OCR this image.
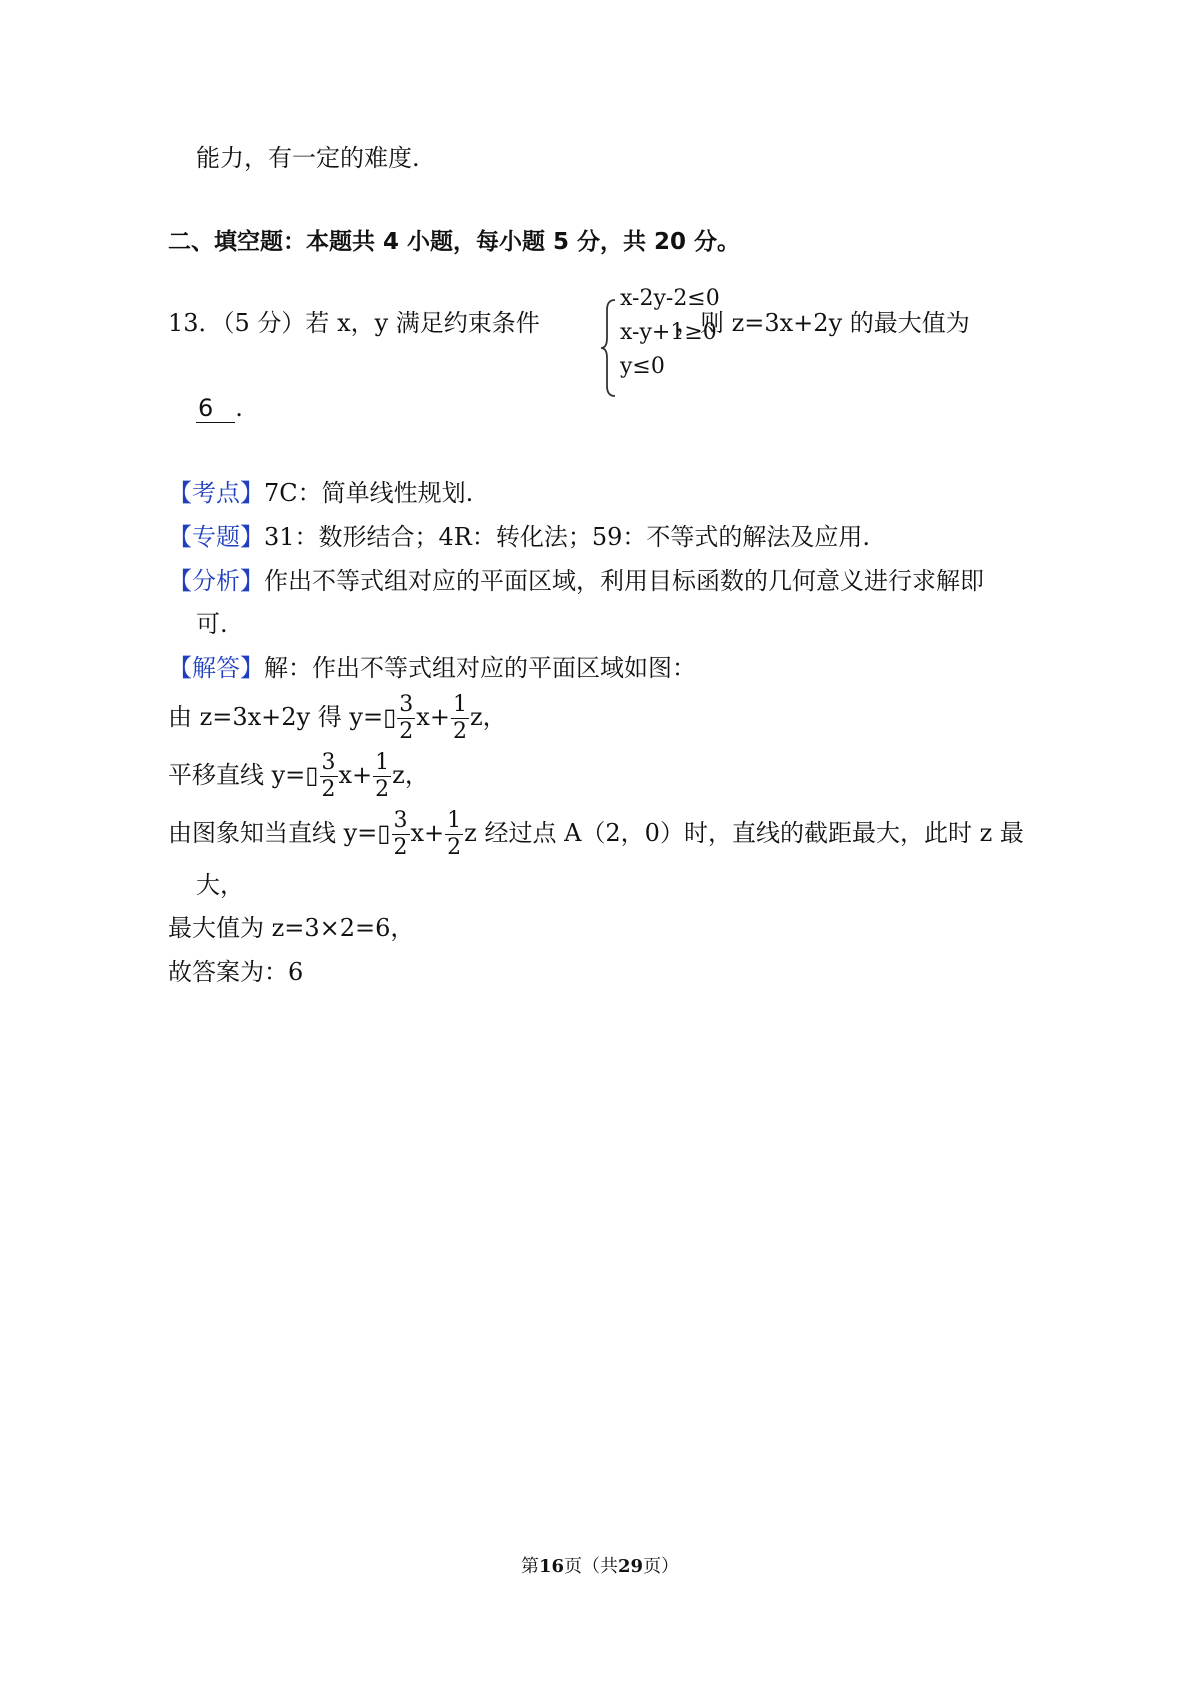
能力，有一定的难度.
二、填空题：本题共 4 小题，每小题 5 分，共 20 分。
13．（5 分）若 x，y 满足约束条件
x-2y-2≤0
x-y+1≥0
y≤0
，则 z=3x+2y 的最大值为
6 .
【考点】7C：简单线性规划.
【专题】31：数形结合；4R：转化法；59：不等式的解法及应用.
【分析】作出不等式组对应的平面区域，利用目标函数的几何意义进行求解即
可.
【解答】解：作出不等式组对应的平面区域如图：
由 z=3x+2y 得 y=▯ $\frac{3}{2} x+ \frac{1}{2}$ z，
平移直线 y=▯ $\frac{3}{2} x+ \frac{1}{2}$ z，
由图象知当直线 y=▯ $\frac{3}{2} x+ \frac{1}{2}$ z 经过点 A（2，0）时，直线的截距最大，此时 z 最
大，
最大值为 z=3×2=6，
故答案为：6
第16页（共29页）
